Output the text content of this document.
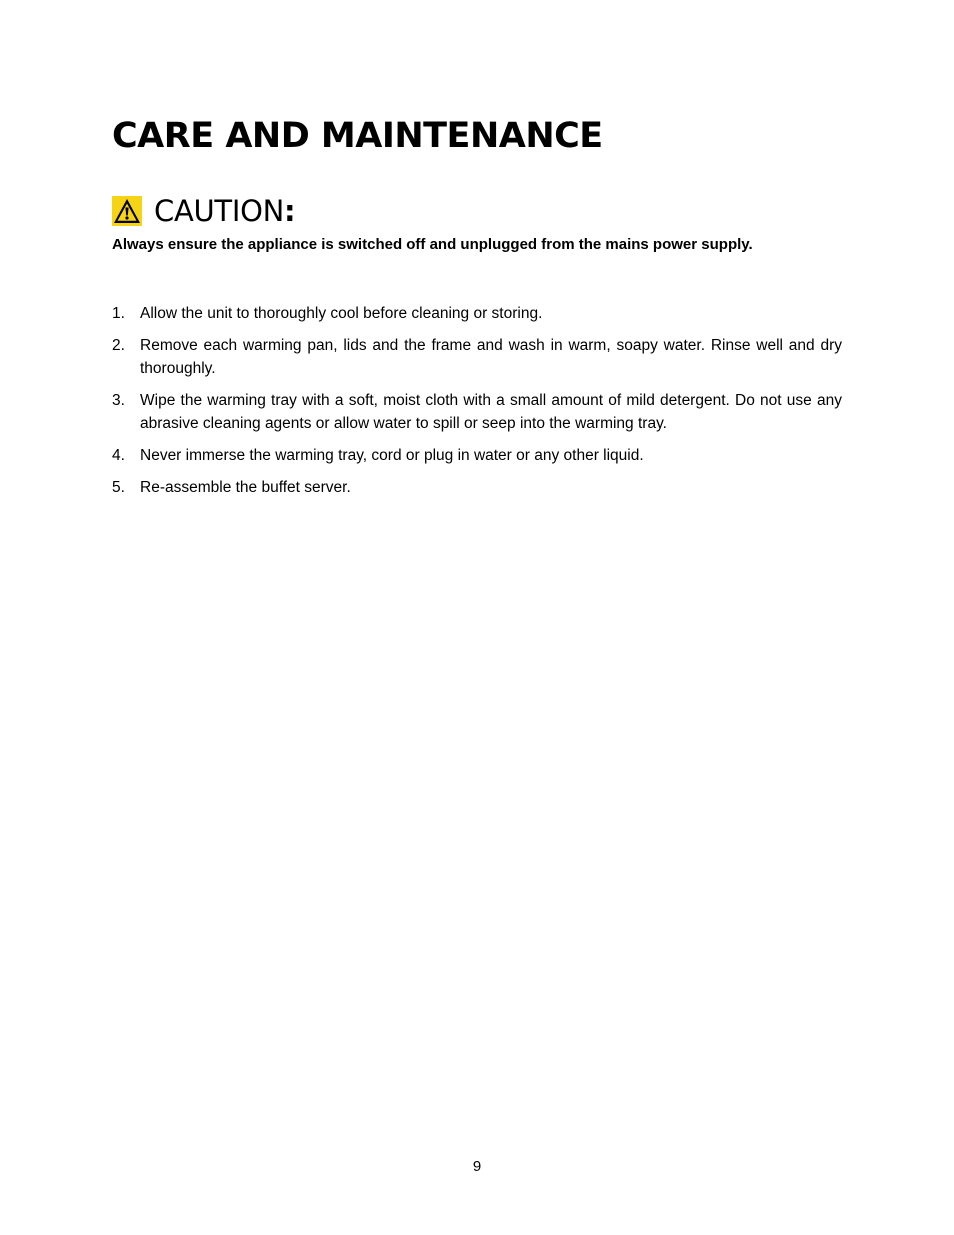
CARE AND MAINTENANCE
CAUTION :

Always ensure the appliance is switched off and unplugged from the mains power supply.

1. Allow the unit to thoroughly cool before cleaning or storing.
2. Remove each warming pan, lids and the frame and wash in warm, soapy water. Rinse well and dry thoroughly.
3. Wipe the warming tray with a soft, moist cloth with a small amount of mild detergent. Do not use any abrasive cleaning agents or allow water to spill or seep into the warming tray.
4. Never immerse the warming tray, cord or plug in water or any other liquid.
5. Re-assemble the buffet server.
9
